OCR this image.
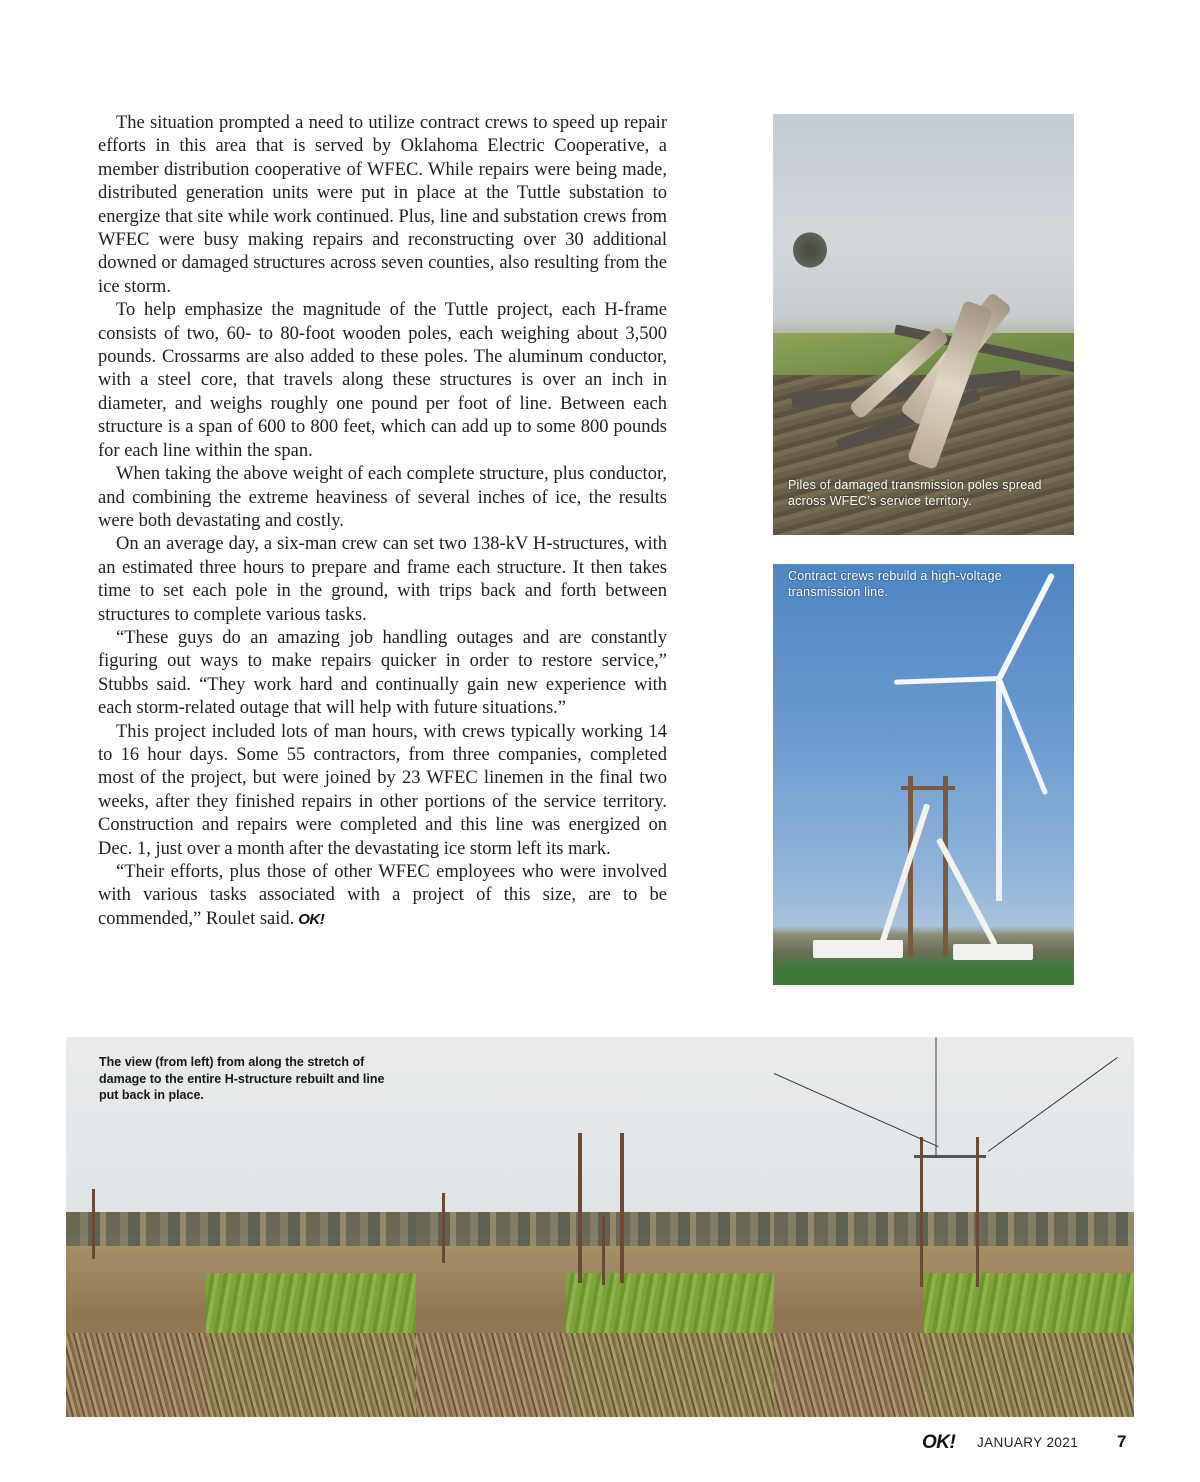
The situation prompted a need to utilize contract crews to speed up repair efforts in this area that is served by Oklahoma Electric Cooperative, a member distribution cooperative of WFEC. While repairs were being made, distributed generation units were put in place at the Tuttle substation to energize that site while work continued. Plus, line and substation crews from WFEC were busy making repairs and reconstructing over 30 additional downed or damaged structures across seven counties, also resulting from the ice storm.

To help emphasize the magnitude of the Tuttle project, each H-frame consists of two, 60- to 80-foot wooden poles, each weighing about 3,500 pounds. Crossarms are also added to these poles. The aluminum conductor, with a steel core, that travels along these structures is over an inch in diameter, and weighs roughly one pound per foot of line. Between each structure is a span of 600 to 800 feet, which can add up to some 800 pounds for each line within the span.

When taking the above weight of each complete structure, plus conductor, and combining the extreme heaviness of several inches of ice, the results were both devastating and costly.

On an average day, a six-man crew can set two 138-kV H-structures, with an estimated three hours to prepare and frame each structure. It then takes time to set each pole in the ground, with trips back and forth between structures to complete various tasks.

“These guys do an amazing job handling outages and are constantly figuring out ways to make repairs quicker in order to restore service,” Stubbs said. “They work hard and continually gain new experience with each storm-related outage that will help with future situations.”

This project included lots of man hours, with crews typically working 14 to 16 hour days. Some 55 contractors, from three companies, completed most of the project, but were joined by 23 WFEC linemen in the final two weeks, after they finished repairs in other portions of the service territory. Construction and repairs were completed and this line was energized on Dec. 1, just over a month after the devastating ice storm left its mark.

“Their efforts, plus those of other WFEC employees who were involved with various tasks associated with a project of this size, are to be commended,” Roulet said. OK!

Piles of damaged transmission poles spread across WFEC’s service territory.
Contract crews rebuild a high-voltage transmission line.
The view (from left) from along the stretch of damage to the entire H-structure rebuilt and line put back in place.
OK! JANUARY 2021 7
